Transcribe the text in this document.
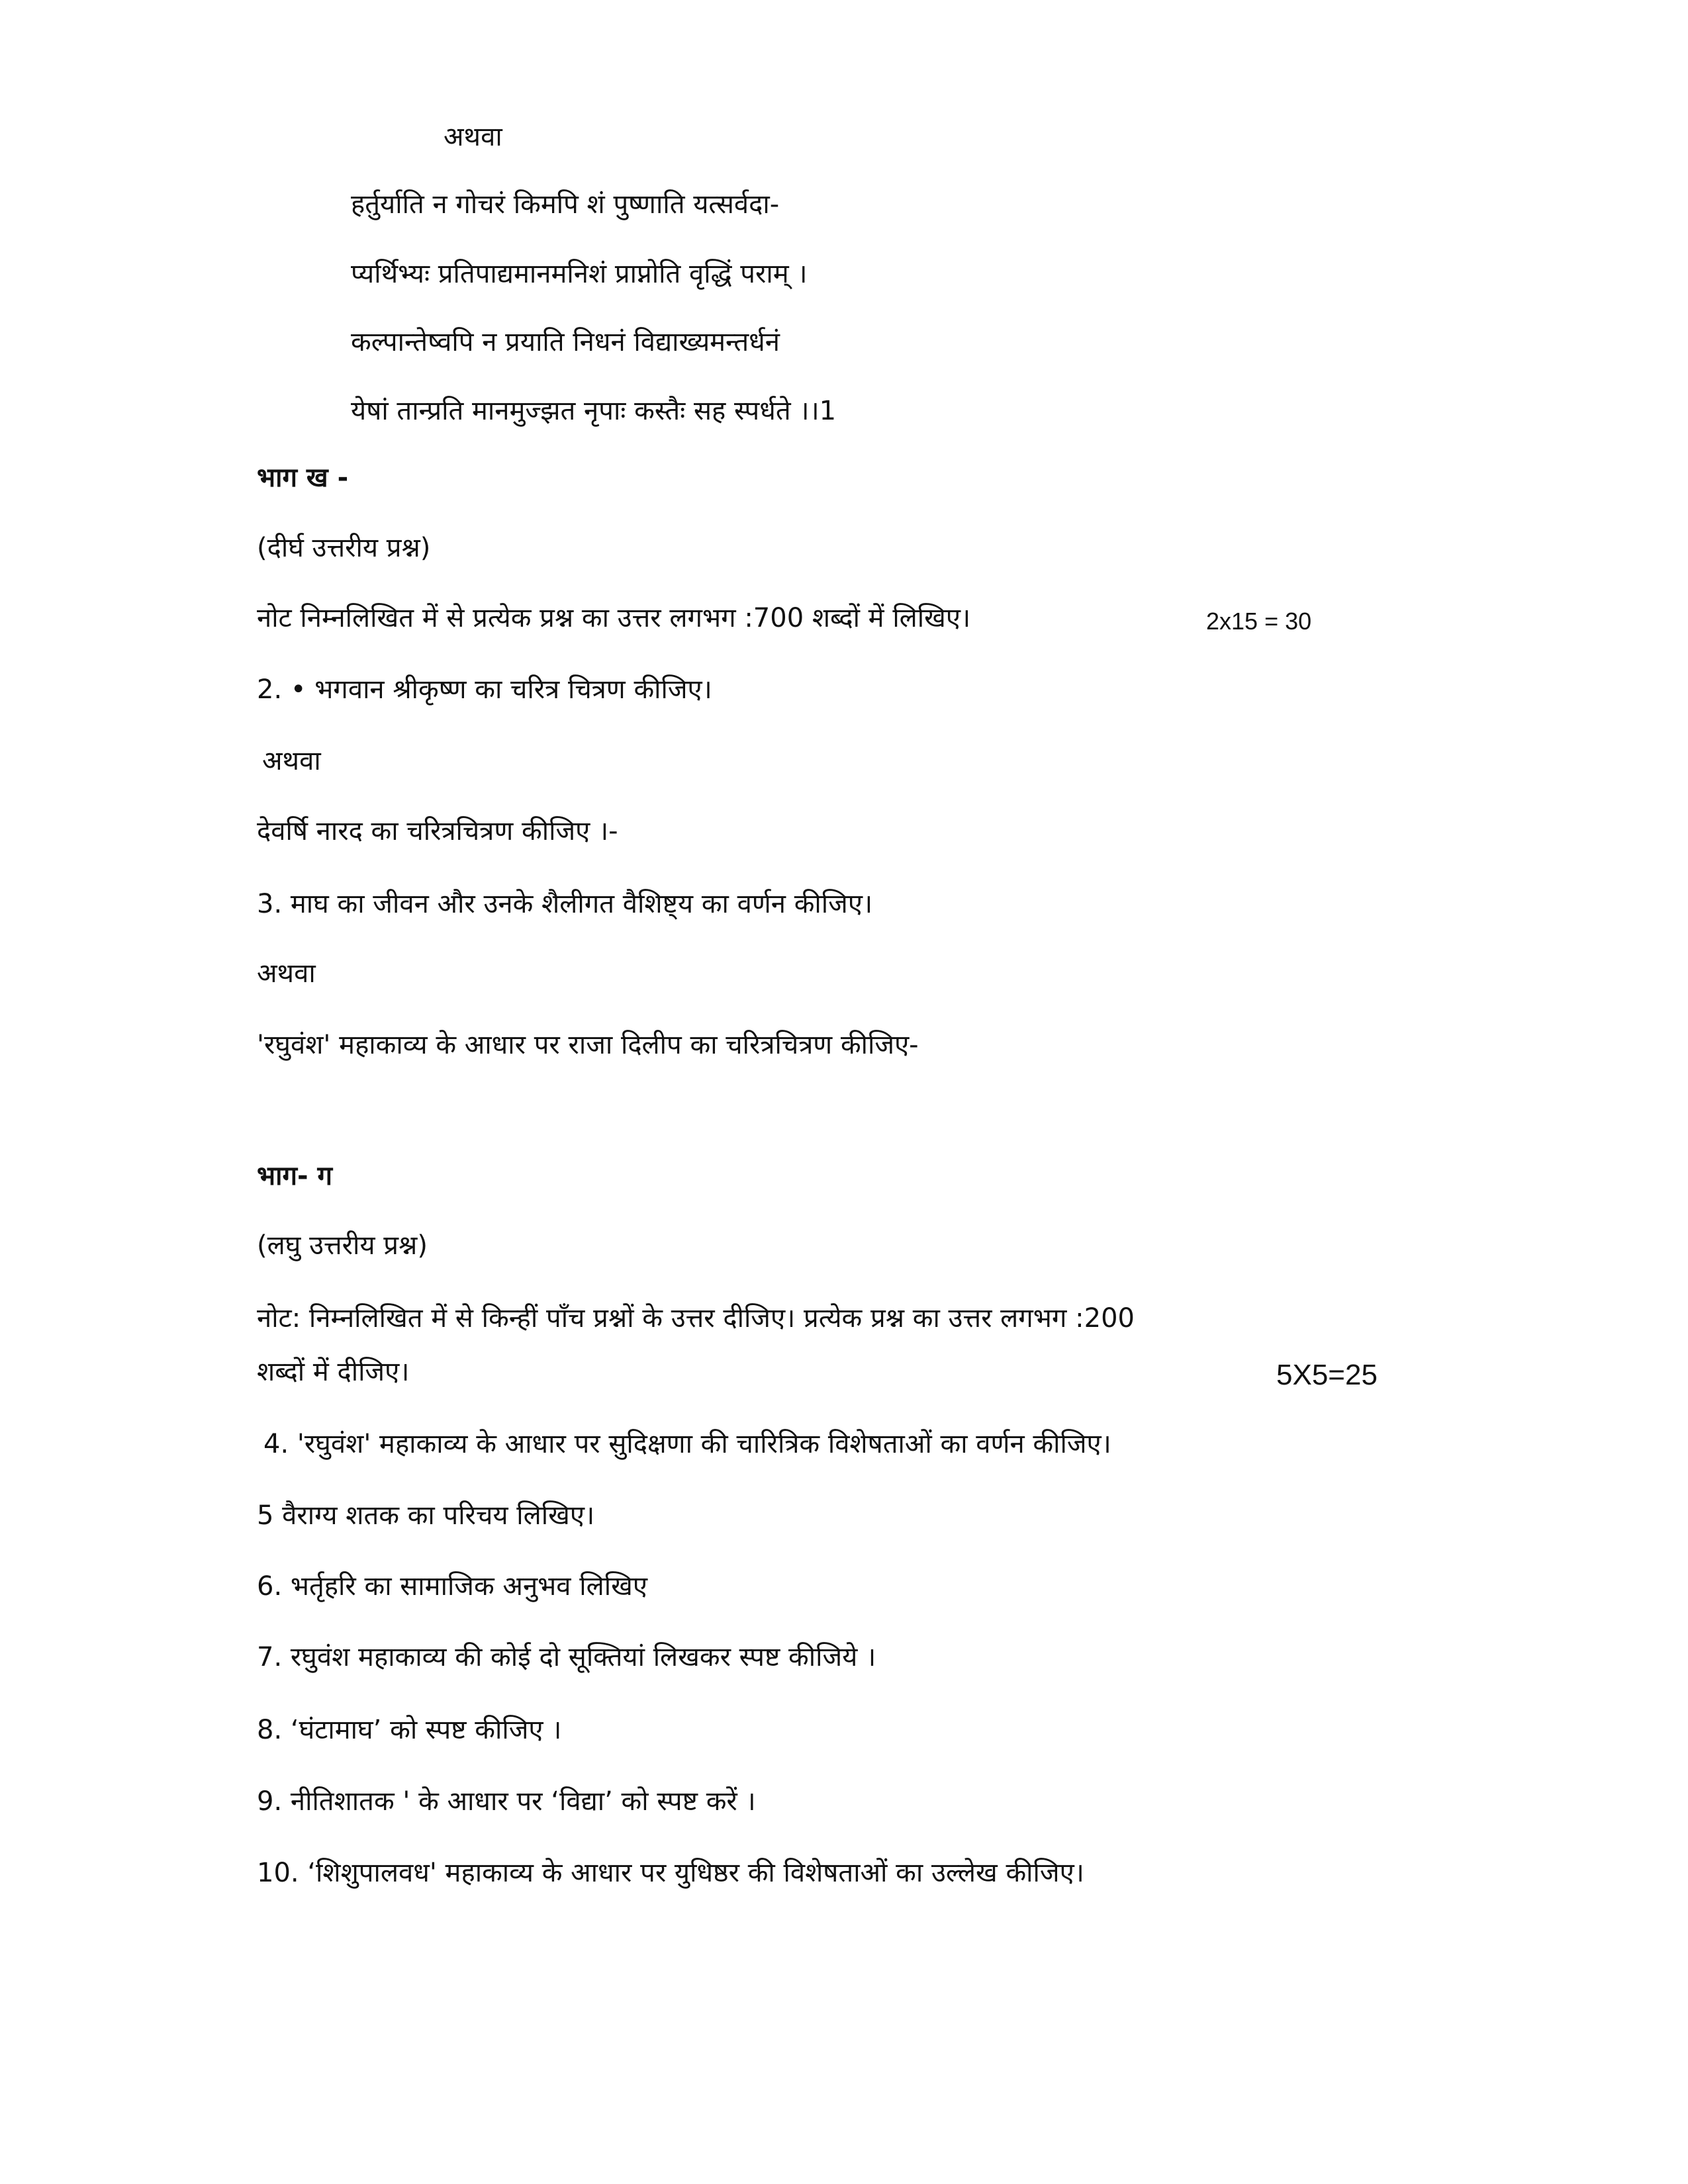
अथवा
हर्तुर्याति न गोचरं किमपि शं पुष्णाति यत्सर्वदा-
प्यर्थिभ्यः प्रतिपाद्यमानमनिशं प्राप्नोति वृद्धिं पराम् ।
कल्पान्तेष्वपि न प्रयाति निधनं विद्याख्यमन्तर्धनं
येषां तान्प्रति मानमुज्झत नृपाः कस्तैः सह स्पर्धते ।।1
भाग ख -
(दीर्घ उत्तरीय प्रश्न)
नोट निम्नलिखित में से प्रत्येक प्रश्न का उत्तर लगभग :700 शब्दों में लिखिए।	2x15 = 30
2. • भगवान श्रीकृष्ण का चरित्र चित्रण कीजिए।
अथवा
देवर्षि नारद का चरित्रचित्रण कीजिए ।-
3. माघ का जीवन और उनके शैलीगत वैशिष्ट्य का वर्णन कीजिए।
अथवा
'रघुवंश' महाकाव्य के आधार पर राजा दिलीप का चरित्रचित्रण कीजिए-
भाग- ग
(लघु उत्तरीय प्रश्न)
नोट: निम्नलिखित में से किन्हीं पाँच प्रश्नों के उत्तर दीजिए। प्रत्येक प्रश्न का उत्तर लगभग :200
शब्दों में दीजिए।	5X5=25
4. 'रघुवंश' महाकाव्य के आधार पर सुदिक्षणा की चारित्रिक विशेषताओं का वर्णन कीजिए।
5 वैराग्य शतक का परिचय लिखिए।
6. भर्तृहरि का सामाजिक अनुभव लिखिए
7. रघुवंश महाकाव्य की कोई दो सूक्तियां लिखकर स्पष्ट कीजिये ।
8. ‘घंटामाघ’ को स्पष्ट कीजिए ।
9. नीतिशातक ' के आधार पर ‘विद्या’ को स्पष्ट करें ।
10. ‘शिशुपालवध' महाकाव्य के आधार पर युधिष्ठर की विशेषताओं का उल्लेख कीजिए।
